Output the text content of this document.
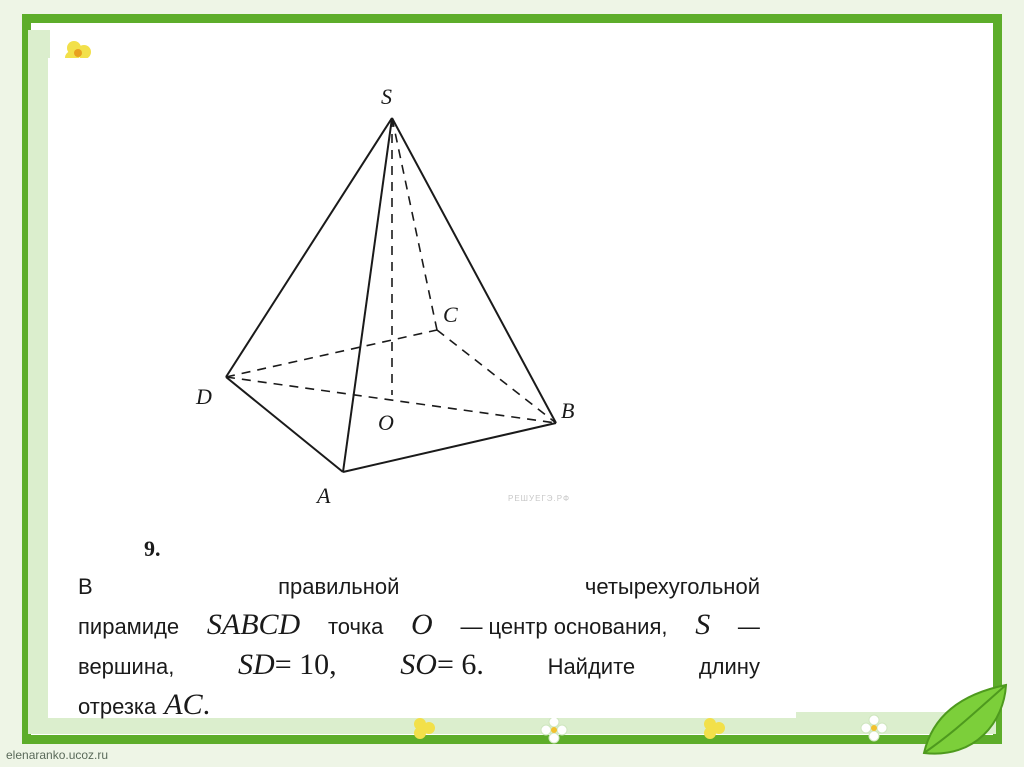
S
C
D
O	B
A	РЕШУЕГЭ.РФ
9.
В	правильной	четырехугольной
пирамиде SABCD точка O — центр основания, S —
вершина, SD= 10, SO= 6.	Найдите	длину
отрезка AC.
elenaranko.ucoz.ru
